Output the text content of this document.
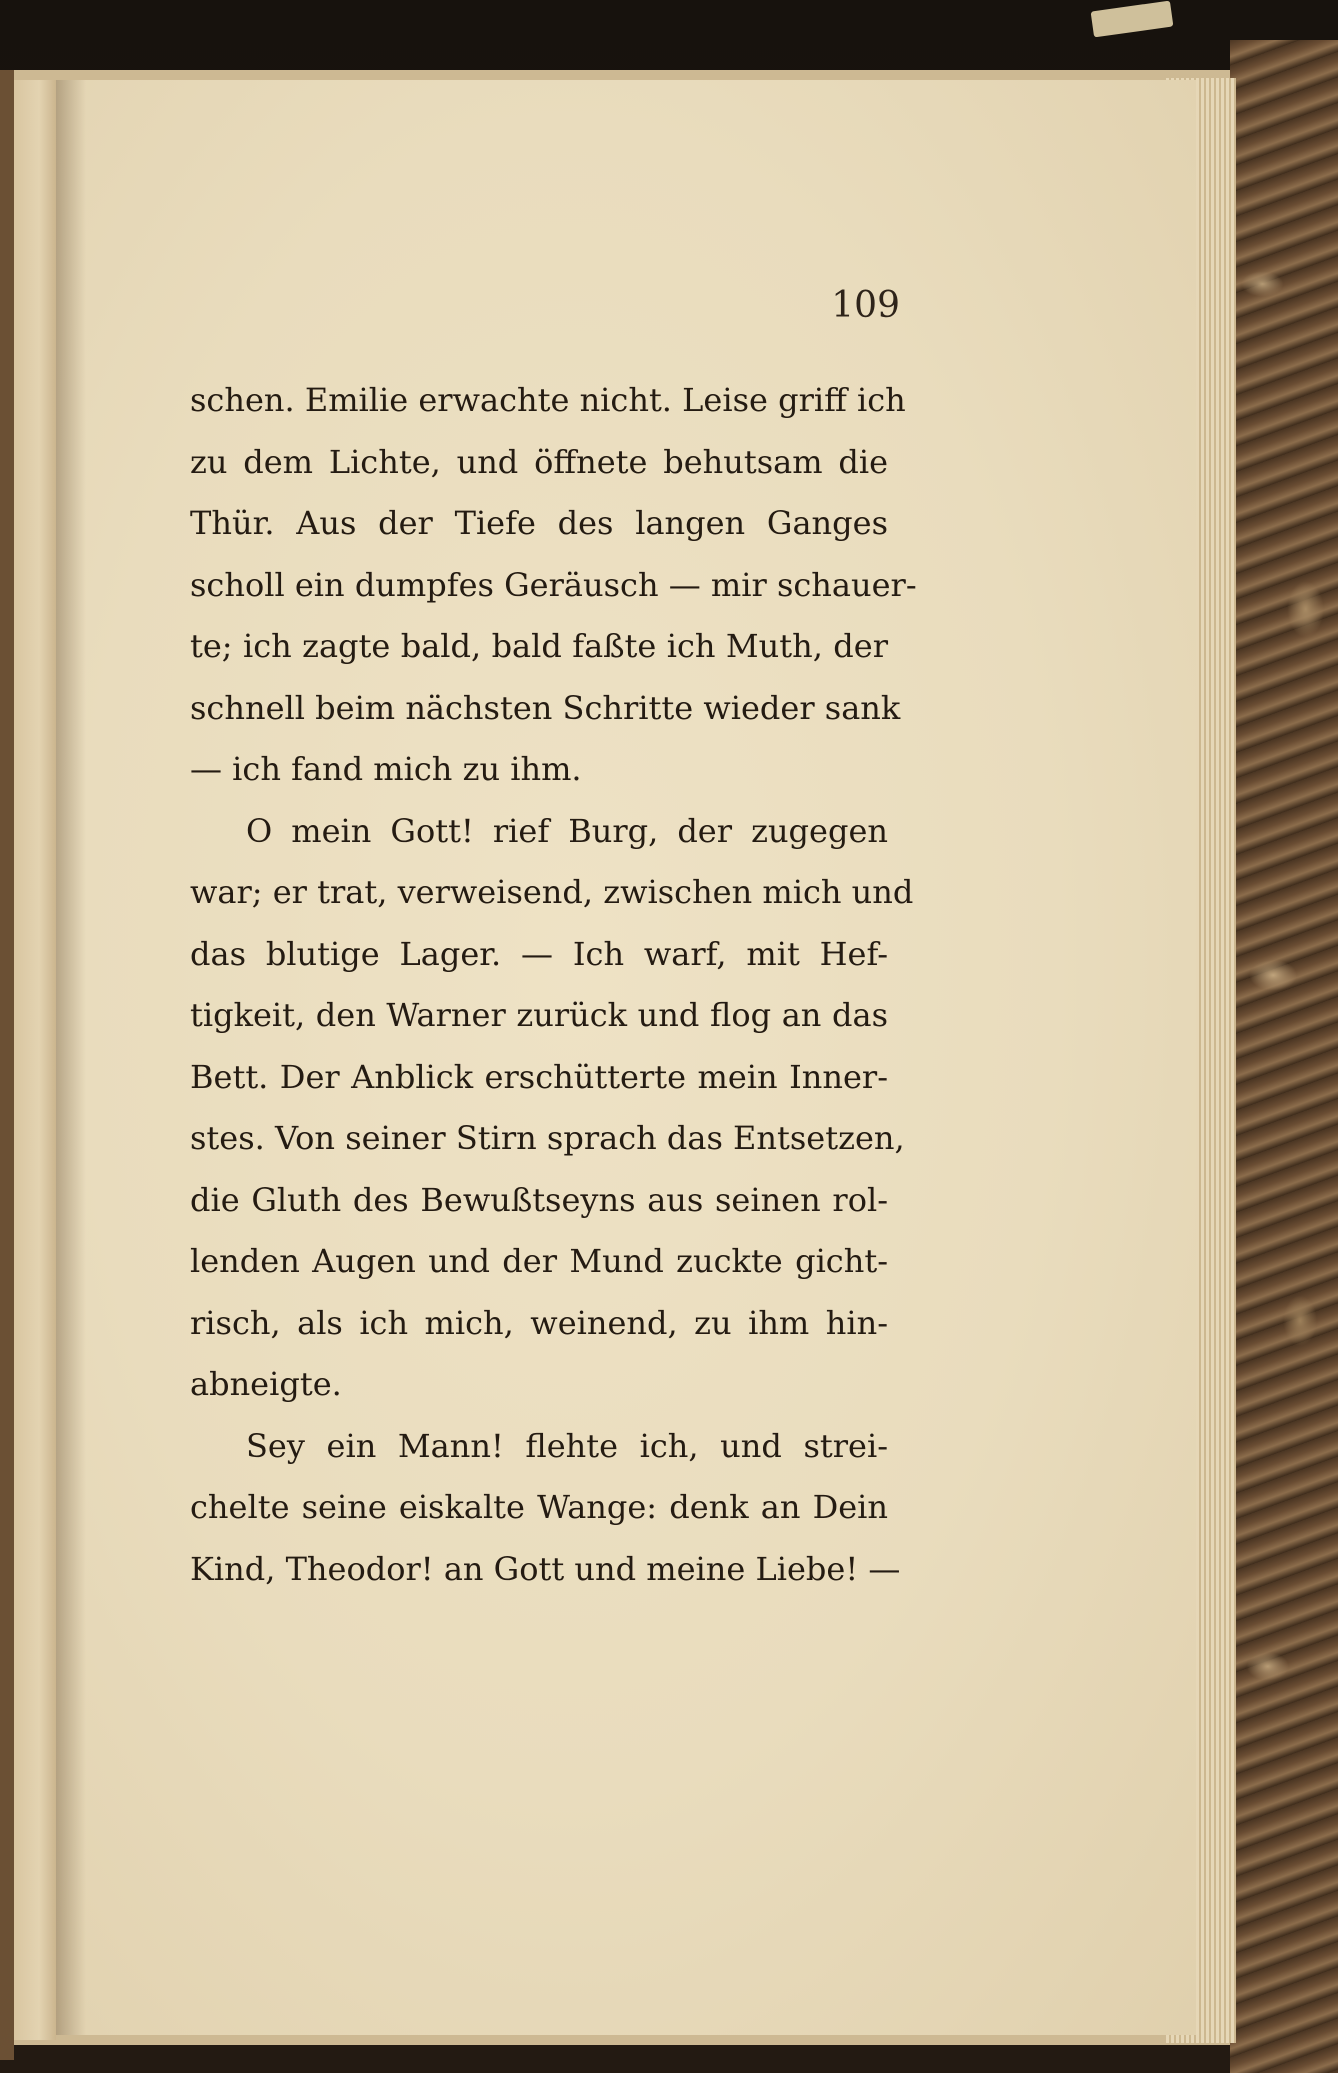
109
schen. Emilie erwachte nicht. Leise griff ich
zu dem Lichte, und öffnete behutsam die
Thür. Aus der Tiefe des langen Ganges
scholl ein dumpfes Geräusch — mir schauer-
te; ich zagte bald, bald faßte ich Muth, der
schnell beim nächsten Schritte wieder sank
— ich fand mich zu ihm.
O mein Gott! rief Burg, der zugegen
war; er trat, verweisend, zwischen mich und
das blutige Lager. — Ich warf, mit Hef-
tigkeit, den Warner zurück und flog an das
Bett. Der Anblick erschütterte mein Inner-
stes. Von seiner Stirn sprach das Entsetzen,
die Gluth des Bewußtseyns aus seinen rol-
lenden Augen und der Mund zuckte gicht-
risch, als ich mich, weinend, zu ihm hin-
abneigte.
Sey ein Mann! flehte ich, und strei-
chelte seine eiskalte Wange: denk an Dein
Kind, Theodor! an Gott und meine Liebe! —
